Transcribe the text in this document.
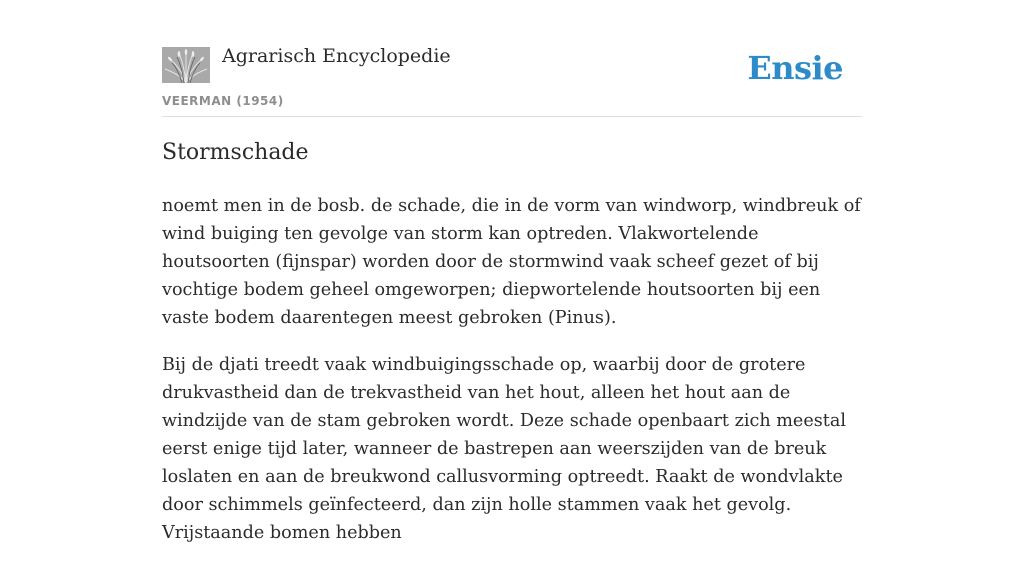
Agrarisch Encyclopedie
VEERMAN (1954)
Ensie
Stormschade

noemt men in de bosb. de schade, die in de vorm van windworp, windbreuk of wind buiging ten gevolge van storm kan optreden. Vlakwortelende houtsoorten (fijnspar) worden door de stormwind vaak scheef gezet of bij vochtige bodem geheel omgeworpen; diepwortelende houtsoorten bij een vaste bodem daarentegen meest gebroken (Pinus).

Bij de djati treedt vaak windbuigingsschade op, waarbij door de grotere drukvastheid dan de trekvastheid van het hout, alleen het hout aan de windzijde van de stam gebroken wordt. Deze schade openbaart zich meestal eerst enige tijd later, wanneer de bastrepen aan weerszijden van de breuk loslaten en aan de breukwond callusvorming optreedt. Raakt de wondvlakte door schimmels geïnfecteerd, dan zijn holle stammen vaak het gevolg. Vrijstaande bomen hebben
